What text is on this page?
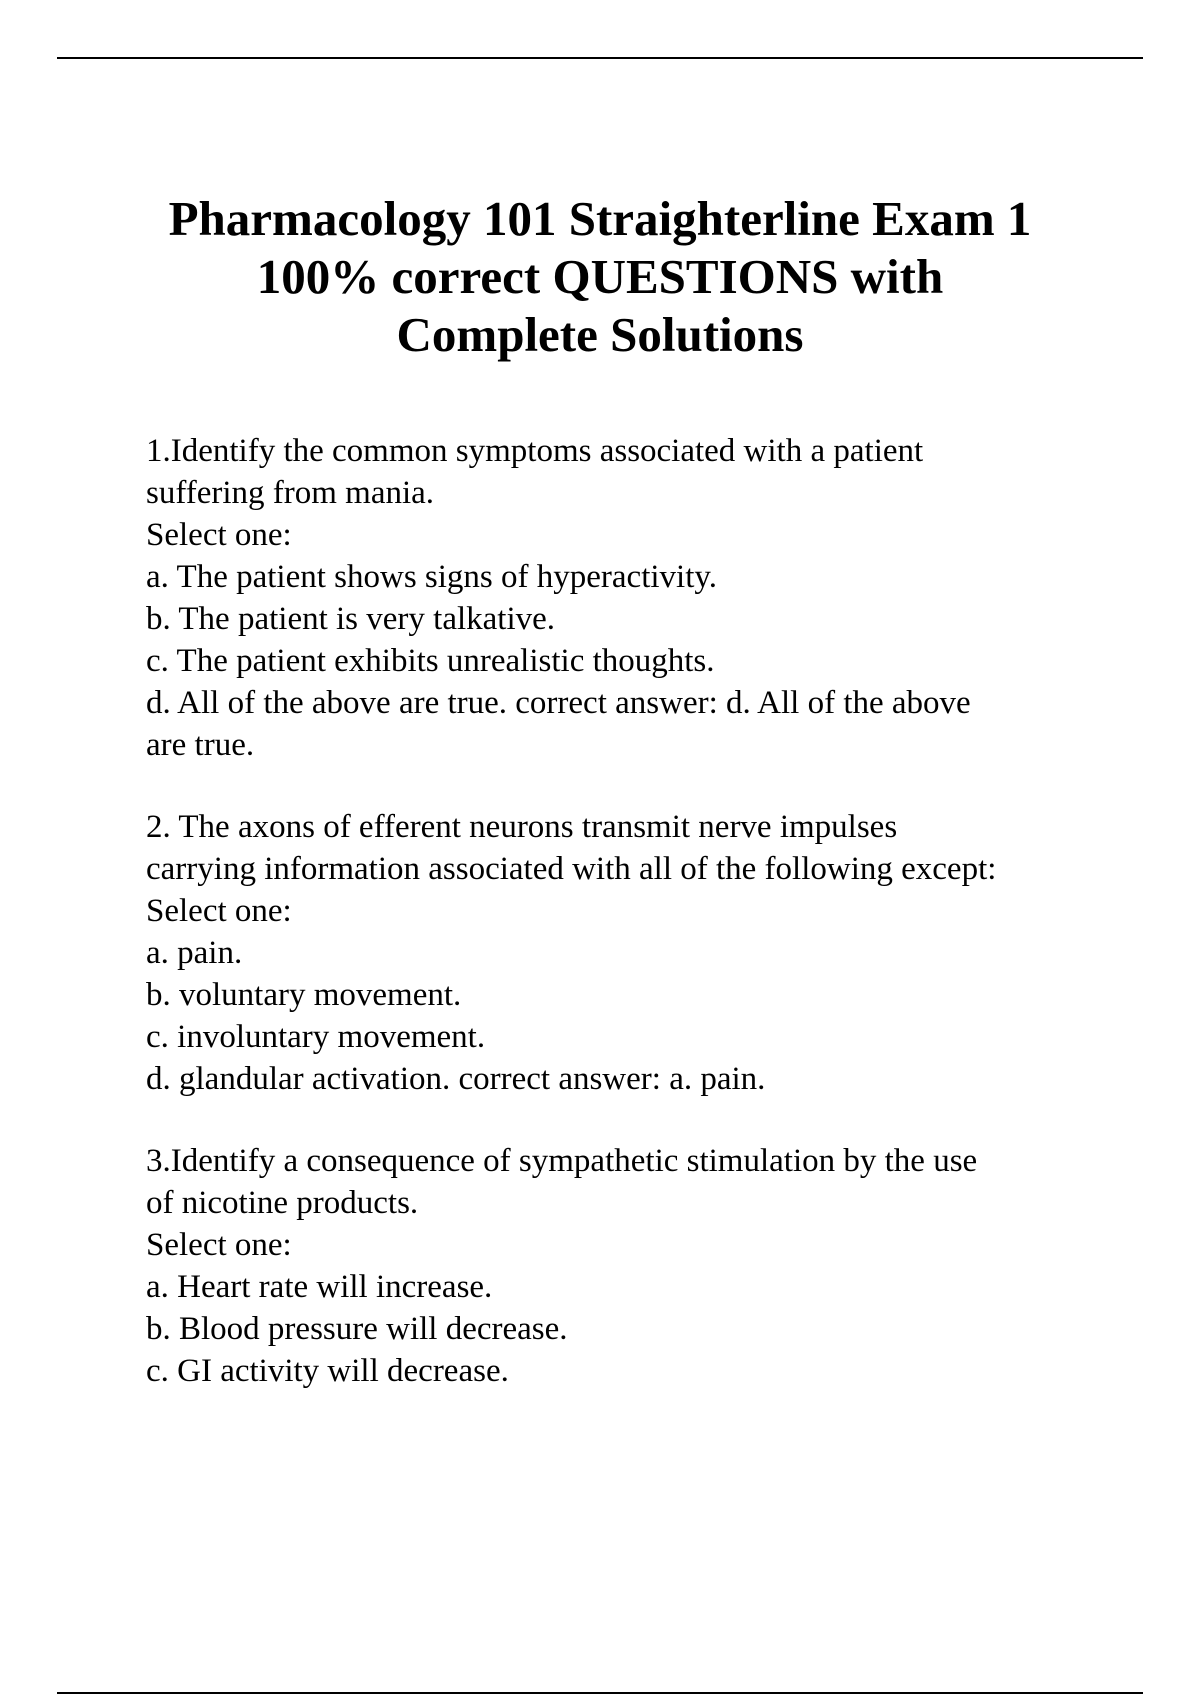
Pharmacology 101 Straighterline Exam 1
100% correct QUESTIONS with
Complete Solutions

1.Identify the common symptoms associated with a patient

suffering from mania.

Select one:

a. The patient shows signs of hyperactivity.

b. The patient is very talkative.

c. The patient exhibits unrealistic thoughts.

d. All of the above are true. correct answer: d. All of the above

are true.

2. The axons of efferent neurons transmit nerve impulses

carrying information associated with all of the following except:

Select one:

a. pain.

b. voluntary movement.

c. involuntary movement.

d. glandular activation. correct answer: a. pain.

3.Identify a consequence of sympathetic stimulation by the use

of nicotine products.

Select one:

a. Heart rate will increase.

b. Blood pressure will decrease.

c. GI activity will decrease.
